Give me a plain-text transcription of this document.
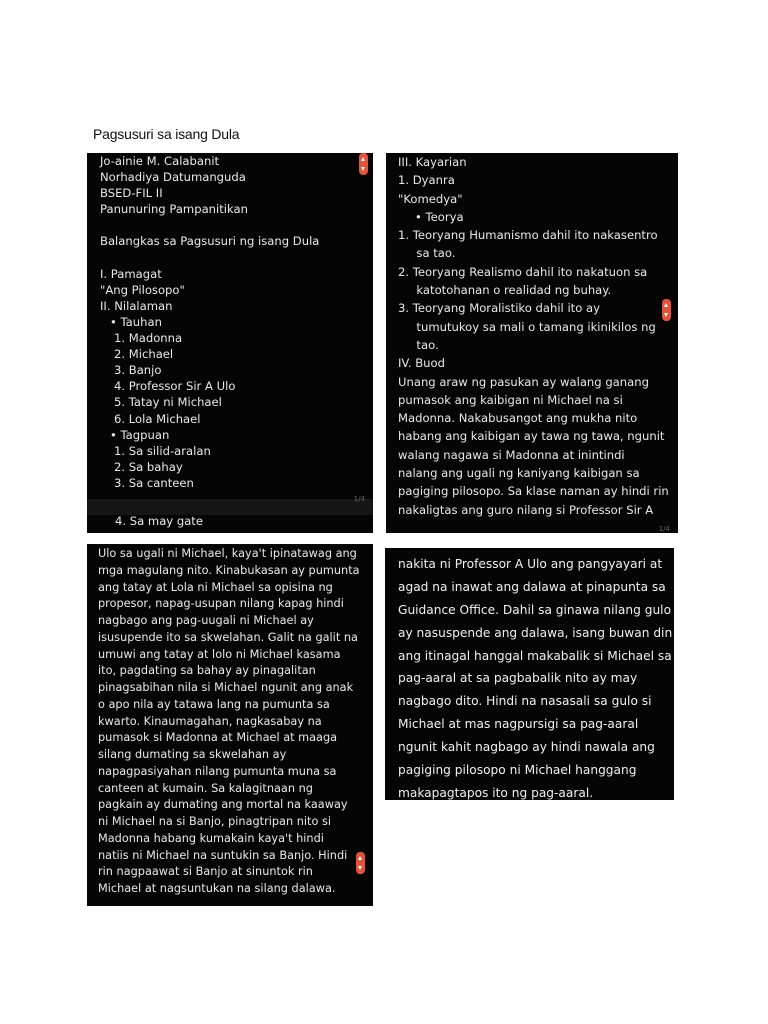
Pagsusuri sa isang Dula
Jo-ainie M. Calabanit
Norhadiya Datumanguda
BSED-FIL II
Panunuring Pampanitikan
Balangkas sa Pagsusuri ng isang Dula
I. Pamagat
"Ang Pilosopo"
II. Nilalaman
• Tauhan
1. Madonna
2. Michael
3. Banjo
4. Professor Sir A Ulo
5. Tatay ni Michael
6. Lola Michael
• Tagpuan
1. Sa silid-aralan
2. Sa bahay
3. Sa canteen
1/4
4. Sa may gate
III. Kayarian
1. Dyanra
"Komedya"
• Teorya
1. Teoryang Humanismo dahil ito nakasentro
sa tao.
2. Teoryang Realismo dahil ito nakatuon sa
katotohanan o realidad ng buhay.
3. Teoryang Moralistiko dahil ito ay
tumutukoy sa mali o tamang ikinikilos ng
tao.
IV. Buod
Unang araw ng pasukan ay walang ganang
pumasok ang kaibigan ni Michael na si
Madonna. Nakabusangot ang mukha nito
habang ang kaibigan ay tawa ng tawa, ngunit
walang nagawa si Madonna at inintindi
nalang ang ugali ng kaniyang kaibigan sa
pagiging pilosopo. Sa klase naman ay hindi rin
nakaligtas ang guro nilang si Professor Sir A
1/4
Ulo sa ugali ni Michael, kaya't ipinatawag ang
mga magulang nito. Kinabukasan ay pumunta
ang tatay at Lola ni Michael sa opisina ng
propesor, napag-usupan nilang kapag hindi
nagbago ang pag-uugali ni Michael ay
isusupende ito sa skwelahan. Galit na galit na
umuwi ang tatay at lolo ni Michael kasama
ito, pagdating sa bahay ay pinagalitan
pinagsabihan nila si Michael ngunit ang anak
o apo nila ay tatawa lang na pumunta sa
kwarto. Kinaumagahan, nagkasabay na
pumasok si Madonna at Michael at maaga
silang dumating sa skwelahan ay
napagpasiyahan nilang pumunta muna sa
canteen at kumain. Sa kalagitnaan ng
pagkain ay dumating ang mortal na kaaway
ni Michael na si Banjo, pinagtripan nito si
Madonna habang kumakain kaya't hindi
natiis ni Michael na suntukin sa Banjo. Hindi
rin nagpaawat si Banjo at sinuntok rin
Michael at nagsuntukan na silang dalawa.
nakita ni Professor A Ulo ang pangyayari at
agad na inawat ang dalawa at pinapunta sa
Guidance Office. Dahil sa ginawa nilang gulo
ay nasuspende ang dalawa, isang buwan din
ang itinagal hanggal makabalik si Michael sa
pag-aaral at sa pagbabalik nito ay may
nagbago dito. Hindi na nasasali sa gulo si
Michael at mas nagpursigi sa pag-aaral
ngunit kahit nagbago ay hindi nawala ang
pagiging pilosopo ni Michael hanggang
makapagtapos ito ng pag-aaral.
